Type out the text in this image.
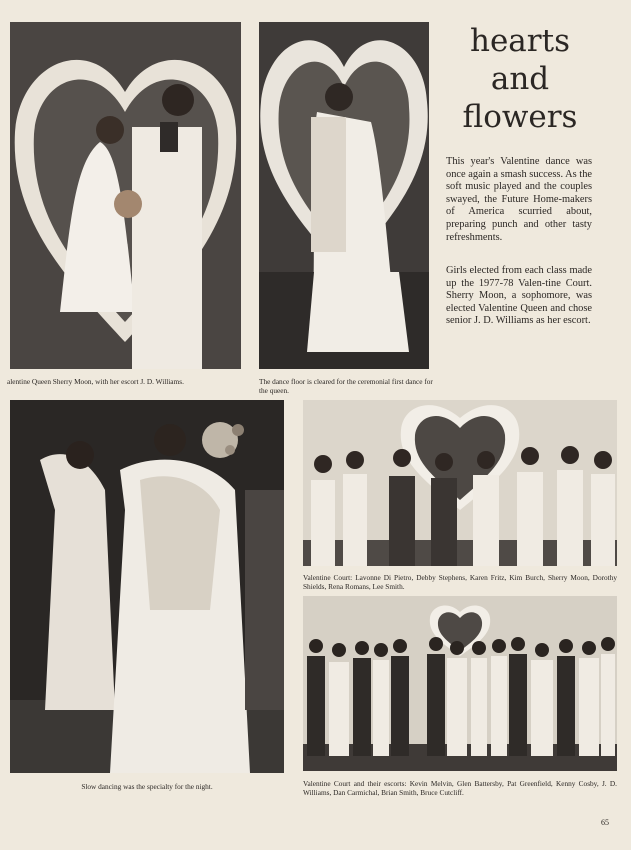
alentine Queen Sherry Moon, with her escort J. D. Williams.	The dance floor is cleared for the ceremonial first dance for the queen.
Slow dancing was the specialty for the night.
Valentine Court: Lavonne Di Pietro, Debby Stephens, Karen Fritz, Kim Burch, Sherry Moon, Dorothy Shields, Rena Romans, Lee Smith.
Valentine Court and their escorts: Kevin Melvin, Glen Battersby, Pat Greenfield, Kenny Cosby, J. D. Williams, Dan Carmichal, Brian Smith, Bruce Cutcliff.
hearts
and
flowers

This year's Valentine dance was once again a smash success. As the soft music played and the couples swayed, the Future Home-makers of America scurried about, preparing punch and other tasty refreshments.

Girls elected from each class made up the 1977-78 Valen-tine Court. Sherry Moon, a sophomore, was elected Valentine Queen and chose senior J. D. Williams as her escort.

65
